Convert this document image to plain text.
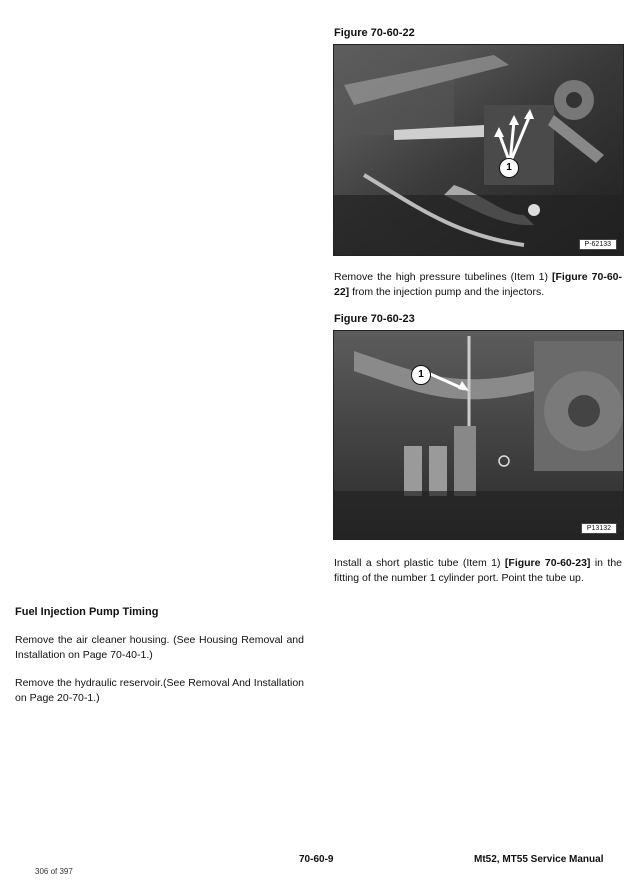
Figure 70-60-22
1
P-62133

Remove the high pressure tubelines (Item 1) [Figure 70-60-22] from the injection pump and the injectors.

Figure 70-60-23
1
P13132

Install a short plastic tube (Item 1) [Figure 70-60-23] in the fitting of the number 1 cylinder port. Point the tube up.

Fuel Injection Pump Timing

Remove the air cleaner housing. (See Housing Removal and Installation on Page 70-40-1.)

Remove the hydraulic reservoir.(See Removal And Installation on Page 20-70-1.)

70-60-9	Mt52, MT55 Service Manual
306 of 397
